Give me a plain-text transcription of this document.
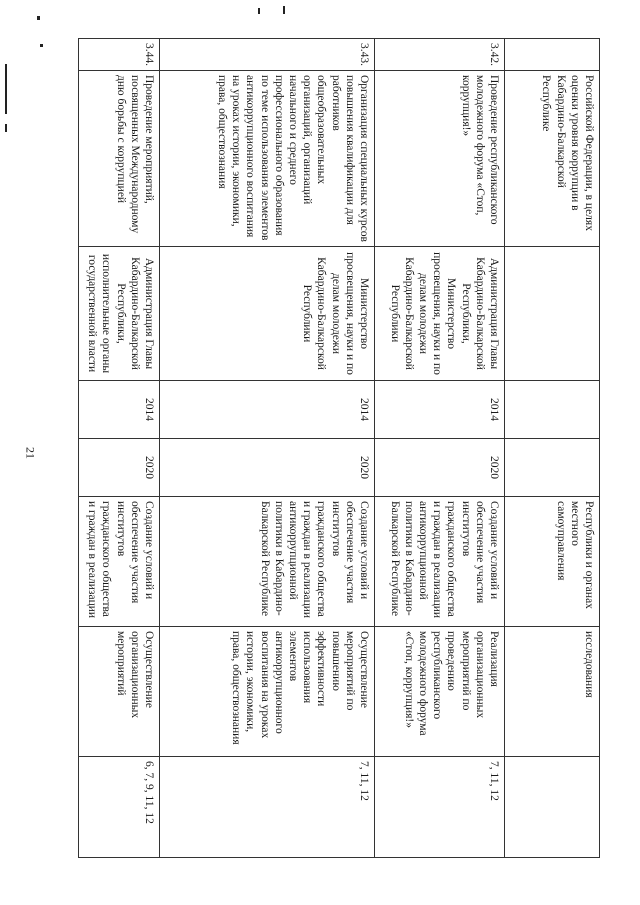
21
Российской Федерации, в целях оценки уровня коррупции в Кабардино-Балкарской Республике
Республики и органах местного самоуправления
исследования
3.42.
Проведение республиканского молодежного форума «Стоп, коррупция!»
Администрация Главы Кабардино-Балкарской Республики, Министерство просвещения, науки и по делам молодежи Кабардино-Балкарской Республики
2014
2020
Создание условий и обеспечение участия институтов гражданского общества и граждан в реализации антикоррупционной политики в Кабардино-Балкарской Республике
Реализация организационных мероприятий по проведению республиканского молодежного форума «Стоп, коррупция!»
7, 11, 12
3.43.
Организация специальных курсов повышения квалификации для работников общеобразовательных организаций, организаций начального и среднего профессионального образования по теме использования элементов антикоррупционного воспитания на уроках истории, экономики, права, обществознания
Министерство просвещения, науки и по делам молодежи Кабардино-Балкарской Республики
2014
2020
Создание условий и обеспечение участия институтов гражданского общества и граждан в реализации антикоррупционной политики в Кабардино-Балкарской Республике
Осуществление мероприятий по повышению эффективности использования элементов антикоррупционного воспитания на уроках истории, экономики, права, обществознания
7, 11, 12
3.44.
Проведение мероприятий, посвященных Международному дню борьбы с коррупцией
Администрация Главы Кабардино-Балкарской Республики, исполнительные органы государственной власти
2014
2020
Создание условий и обеспечение участия институтов гражданского общества и граждан в реализации
Осуществление организационных мероприятий
6, 7, 9, 11, 12
